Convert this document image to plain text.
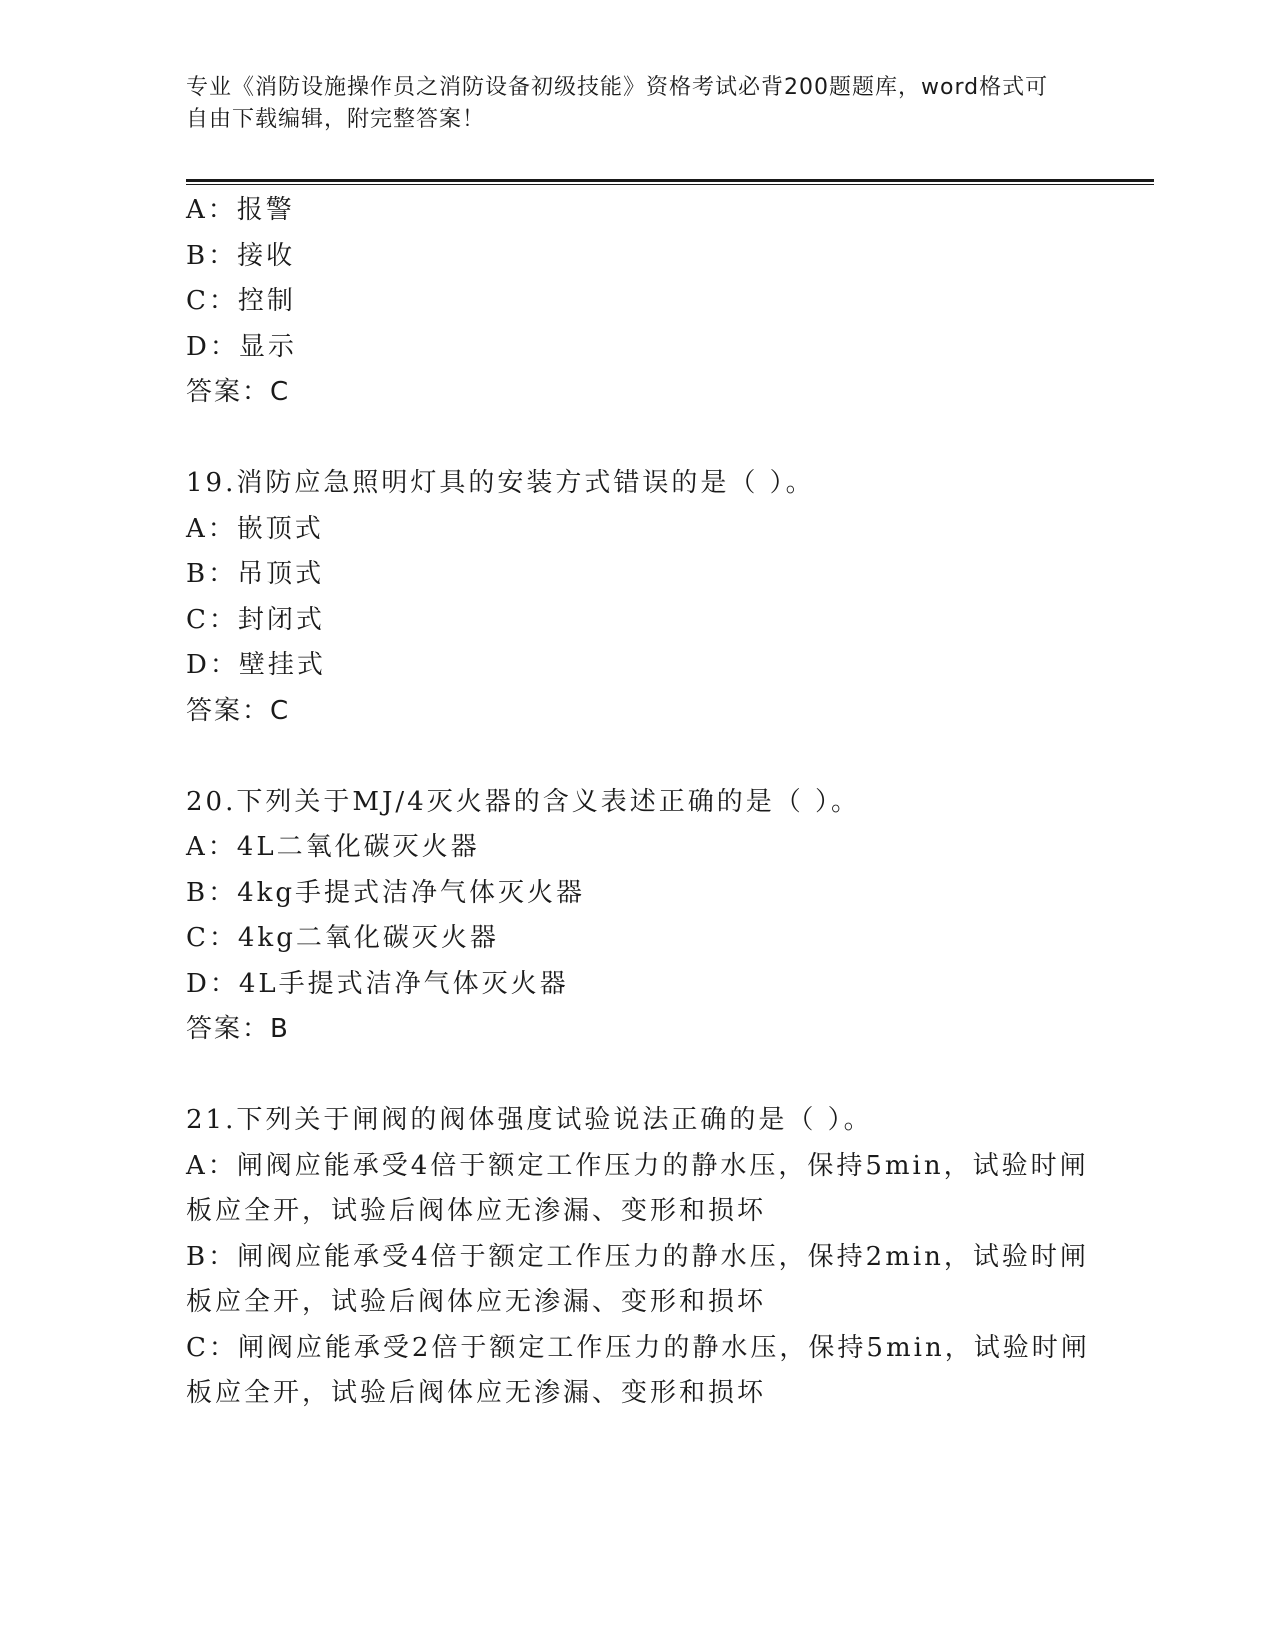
专业《消防设施操作员之消防设备初级技能》资格考试必背200题题库，word格式可自由下载编辑，附完整答案！
A：报警
B：接收
C：控制
D：显示
答案：C
19.消防应急照明灯具的安装方式错误的是（ ）。
A：嵌顶式
B：吊顶式
C：封闭式
D：壁挂式
答案：C
20.下列关于MJ/4灭火器的含义表述正确的是（ ）。
A：4L二氧化碳灭火器
B：4kg手提式洁净气体灭火器
C：4kg二氧化碳灭火器
D：4L手提式洁净气体灭火器
答案：B
21.下列关于闸阀的阀体强度试验说法正确的是（ ）。
A：闸阀应能承受4倍于额定工作压力的静水压，保持5min，试验时闸
板应全开，试验后阀体应无渗漏、变形和损坏
B：闸阀应能承受4倍于额定工作压力的静水压，保持2min，试验时闸
板应全开，试验后阀体应无渗漏、变形和损坏
C：闸阀应能承受2倍于额定工作压力的静水压，保持5min，试验时闸
板应全开，试验后阀体应无渗漏、变形和损坏
